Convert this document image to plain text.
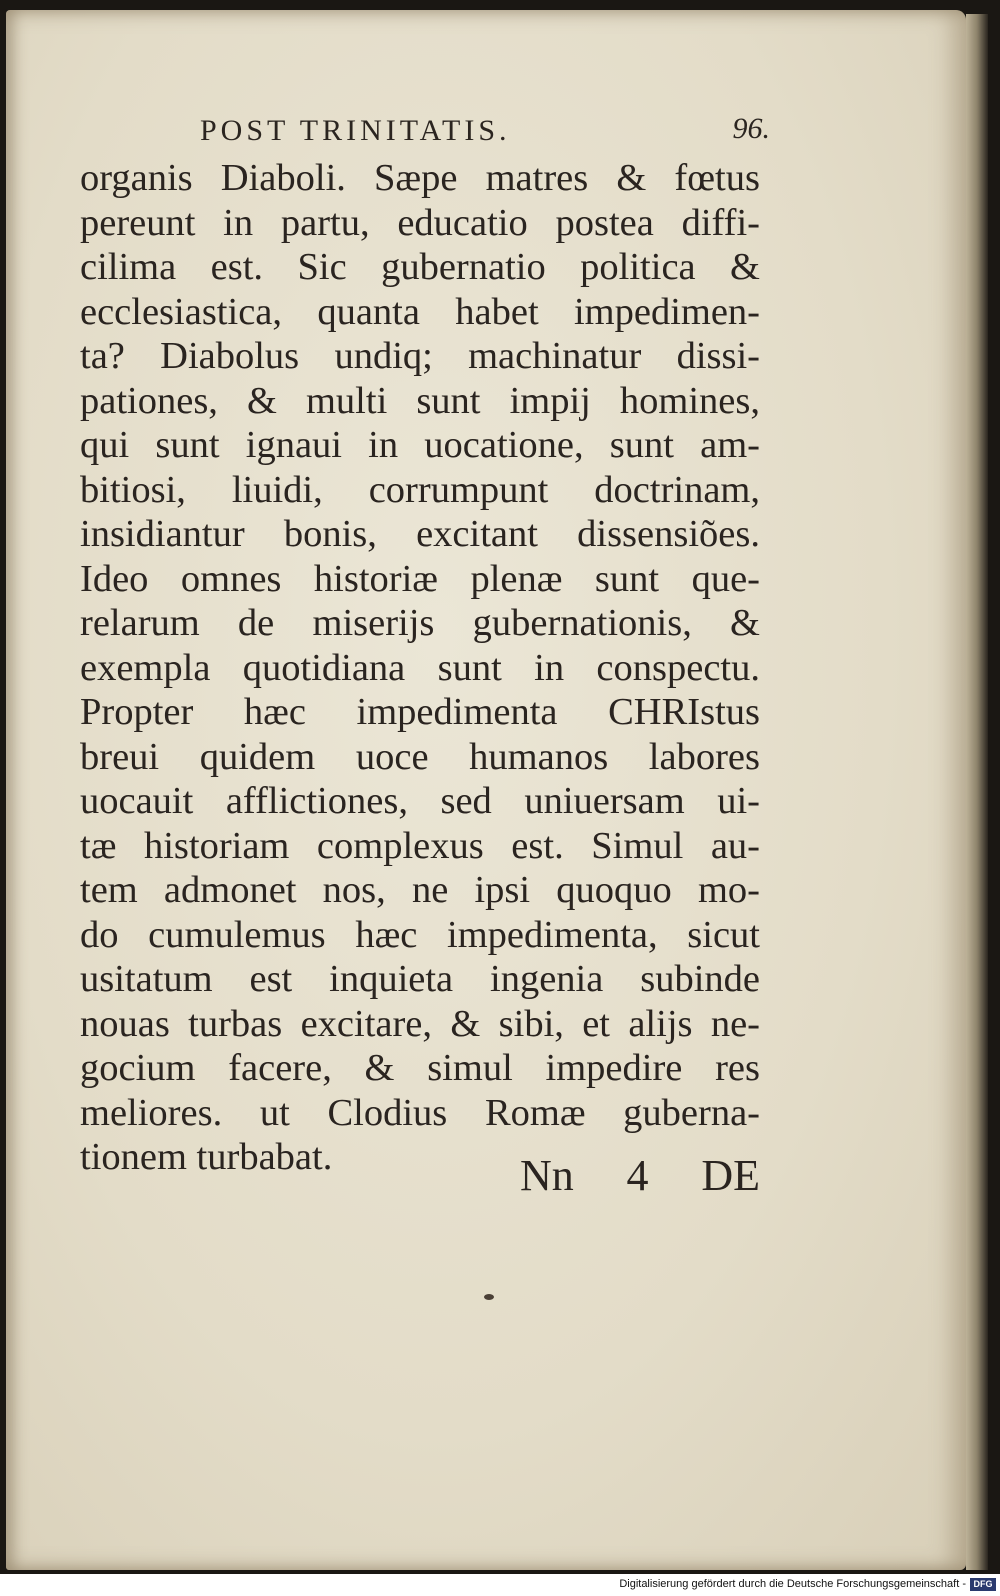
POST TRINITATIS.	96.
organis Diaboli. Sæpe matres & fœtus
pereunt in partu, educatio postea diffi-
cilima est. Sic gubernatio politica &
ecclesiastica, quanta habet impedimen-
ta? Diabolus undiq; machinatur dissi-
pationes, & multi sunt impij homines,
qui sunt ignaui in uocatione, sunt am-
bitiosi, liuidi, corrumpunt doctrinam,
insidiantur bonis, excitant dissensiões.
Ideo omnes historiæ plenæ sunt que-
relarum de miserijs gubernationis, &
exempla quotidiana sunt in conspectu.
Propter hæc impedimenta CHRIstus
breui quidem uoce humanos labores
uocauit afflictiones, sed uniuersam ui-
tæ historiam complexus est. Simul au-
tem admonet nos, ne ipsi quoquo mo-
do cumulemus hæc impedimenta, sicut
usitatum est inquieta ingenia subinde
nouas turbas excitare, & sibi, et alijs ne-
gocium facere, & simul impedire res
meliores. ut Clodius Romæ guberna-
tionem turbabat.	Nn 4 DE
Digitalisierung gefördert durch die Deutsche Forschungsgemeinschaft - DFG
